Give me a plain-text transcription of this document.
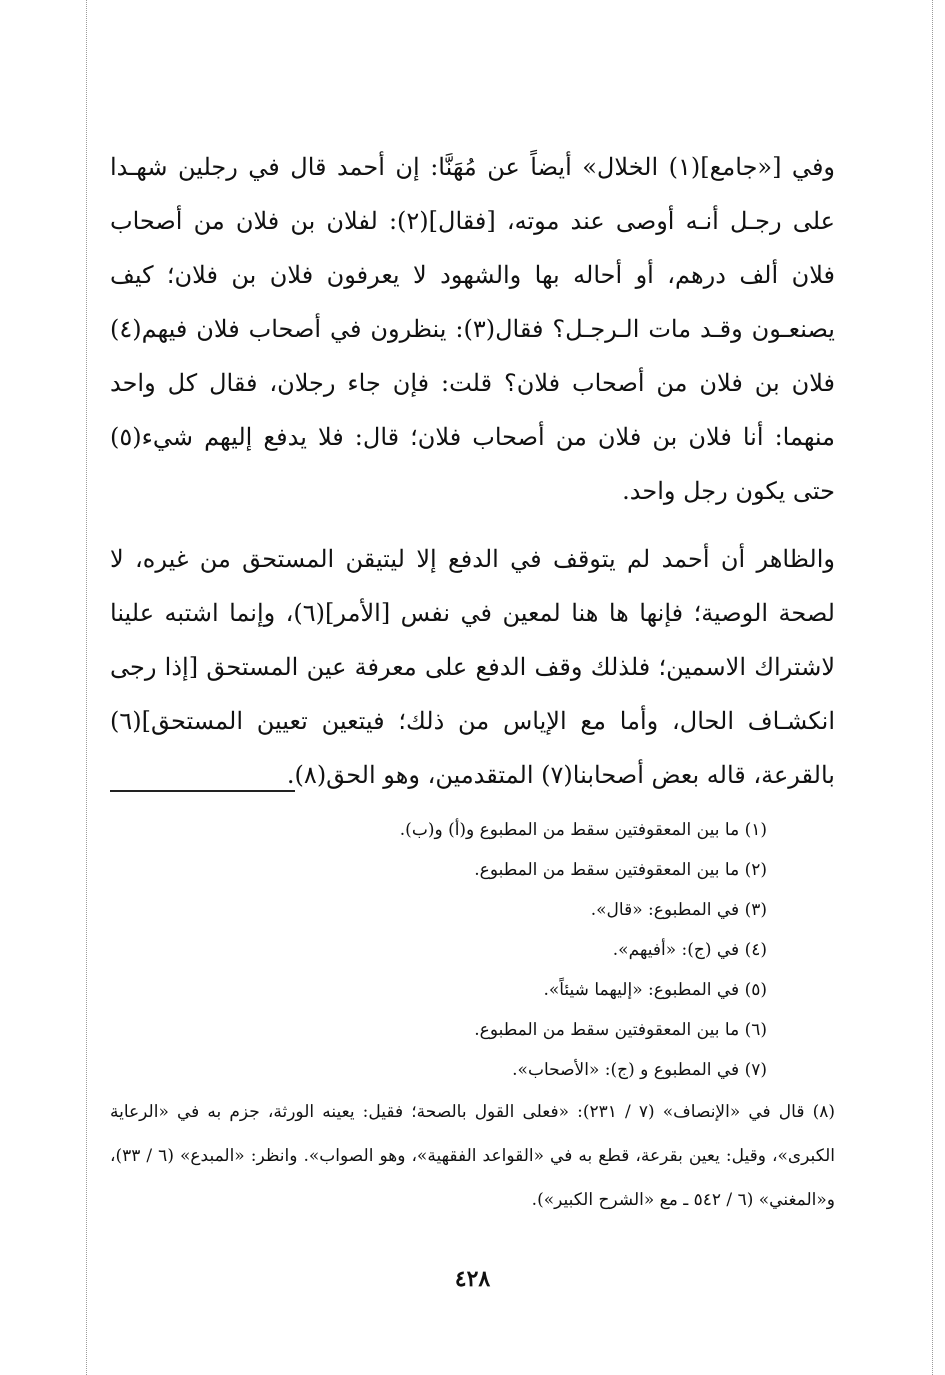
وفي [«جامع](١) الخلال» أيضاً عن مُهَنَّا: إن أحمد قال في رجلين شهـدا على رجـل أنـه أوصى عند موته، [فقال](٢): لفلان بن فلان من أصحاب فلان ألف درهم، أو أحاله بها والشهود لا يعرفون فلان بن فلان؛ كيف يصنعـون وقـد مات الـرجـل؟ فقال(٣): ينظرون في أصحاب فلان فيهم(٤) فلان بن فلان من أصحاب فلان؟ قلت: فإن جاء رجلان، فقال كل واحد منهما: أنا فلان بن فلان من أصحاب فلان؛ قال: فلا يدفع إليهم شيء(٥) حتى يكون رجل واحد.

والظاهر أن أحمد لم يتوقف في الدفع إلا ليتيقن المستحق من غيره، لا لصحة الوصية؛ فإنها ها هنا لمعين في نفس [الأمر](٦)، وإنما اشتبه علينا لاشتراك الاسمين؛ فلذلك وقف الدفع على معرفة عين المستحق [إذا رجى انكشـاف الحال، وأما مع الإياس من ذلك؛ فيتعين تعيين المستحق](٦) بالقرعة، قاله بعض أصحابنا(٧) المتقدمين، وهو الحق(٨).

(١) ما بين المعقوفتين سقط من المطبوع و(أ) و(ب).

(٢) ما بين المعقوفتين سقط من المطبوع.

(٣) في المطبوع: «قال».

(٤) في (ج): «أفيهم».

(٥) في المطبوع: «إليهما شيئاً».

(٦) ما بين المعقوفتين سقط من المطبوع.

(٧) في المطبوع و (ج): «الأصحاب».

(٨) قال في «الإنصاف» (٧ / ٢٣١): «فعلى القول بالصحة؛ فقيل: يعينه الورثة، جزم به في «الرعاية الكبرى»، وقيل: يعين بقرعة، قطع به في «القواعد الفقهية»، وهو الصواب». وانظر: «المبدع» (٦ / ٣٣)، و«المغني» (٦ / ٥٤٢ ـ مع «الشرح الكبير»).

٤٢٨
